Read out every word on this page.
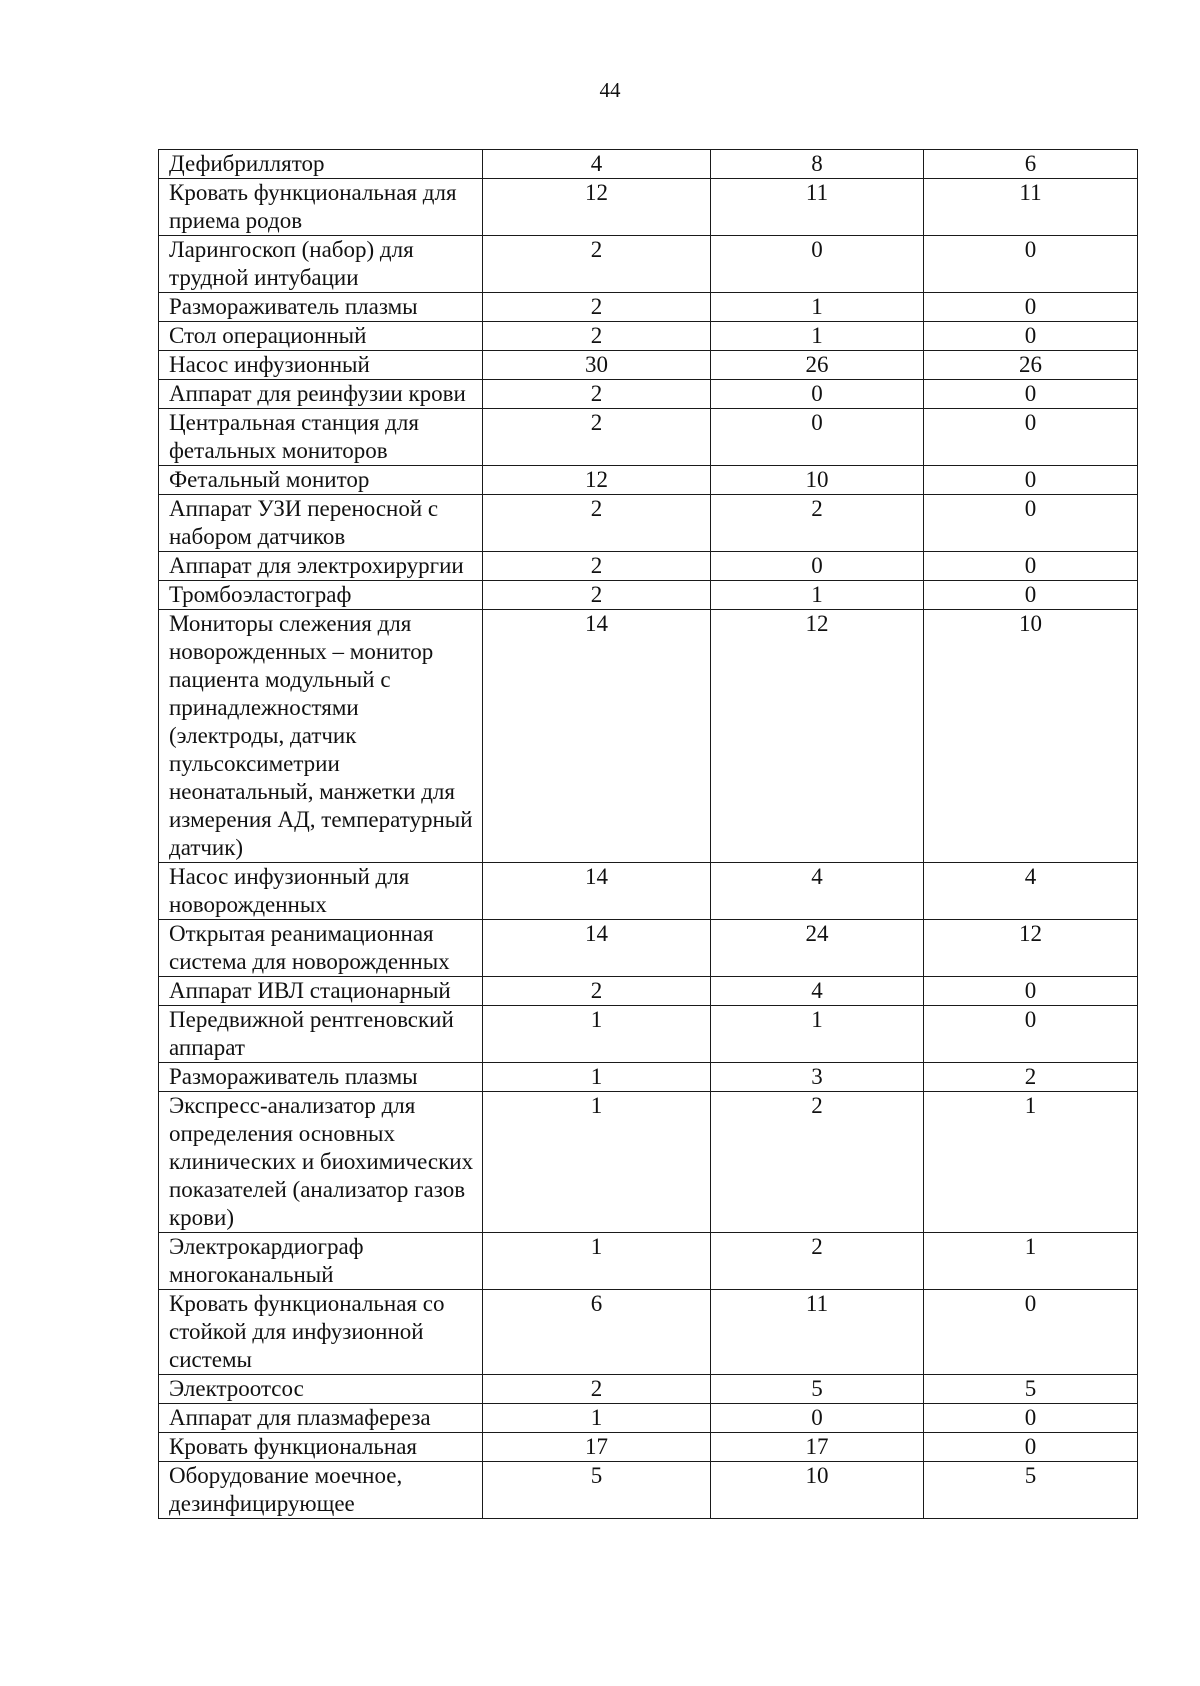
44
Дефибриллятор	4	8	6
Кровать функциональная для приема родов	12	11	11
Ларингоскоп (набор) для трудной интубации	2	0	0
Размораживатель плазмы	2	1	0
Стол операционный	2	1	0
Насос инфузионный	30	26	26
Аппарат для реинфузии крови	2	0	0
Центральная станция для фетальных мониторов	2	0	0
Фетальный монитор	12	10	0
Аппарат УЗИ переносной с набором датчиков	2	2	0
Аппарат для электрохирургии	2	0	0
Тромбоэластограф	2	1	0
Мониторы слежения для новорожденных – монитор пациента модульный с принадлежностями (электроды, датчик пульсоксиметрии неонатальный, манжетки для измерения АД, температурный датчик)	14	12	10
Насос инфузионный для новорожденных	14	4	4
Открытая реанимационная система для новорожденных	14	24	12
Аппарат ИВЛ стационарный	2	4	0
Передвижной рентгеновский аппарат	1	1	0
Размораживатель плазмы	1	3	2
Экспресс-анализатор для определения основных клинических и биохимических показателей (анализатор газов крови)	1	2	1
Электрокардиограф многоканальный	1	2	1
Кровать функциональная со стойкой для инфузионной системы	6	11	0
Электроотсос	2	5	5
Аппарат для плазмафереза	1	0	0
Кровать функциональная	17	17	0
Оборудование моечное, дезинфицирующее	5	10	5
